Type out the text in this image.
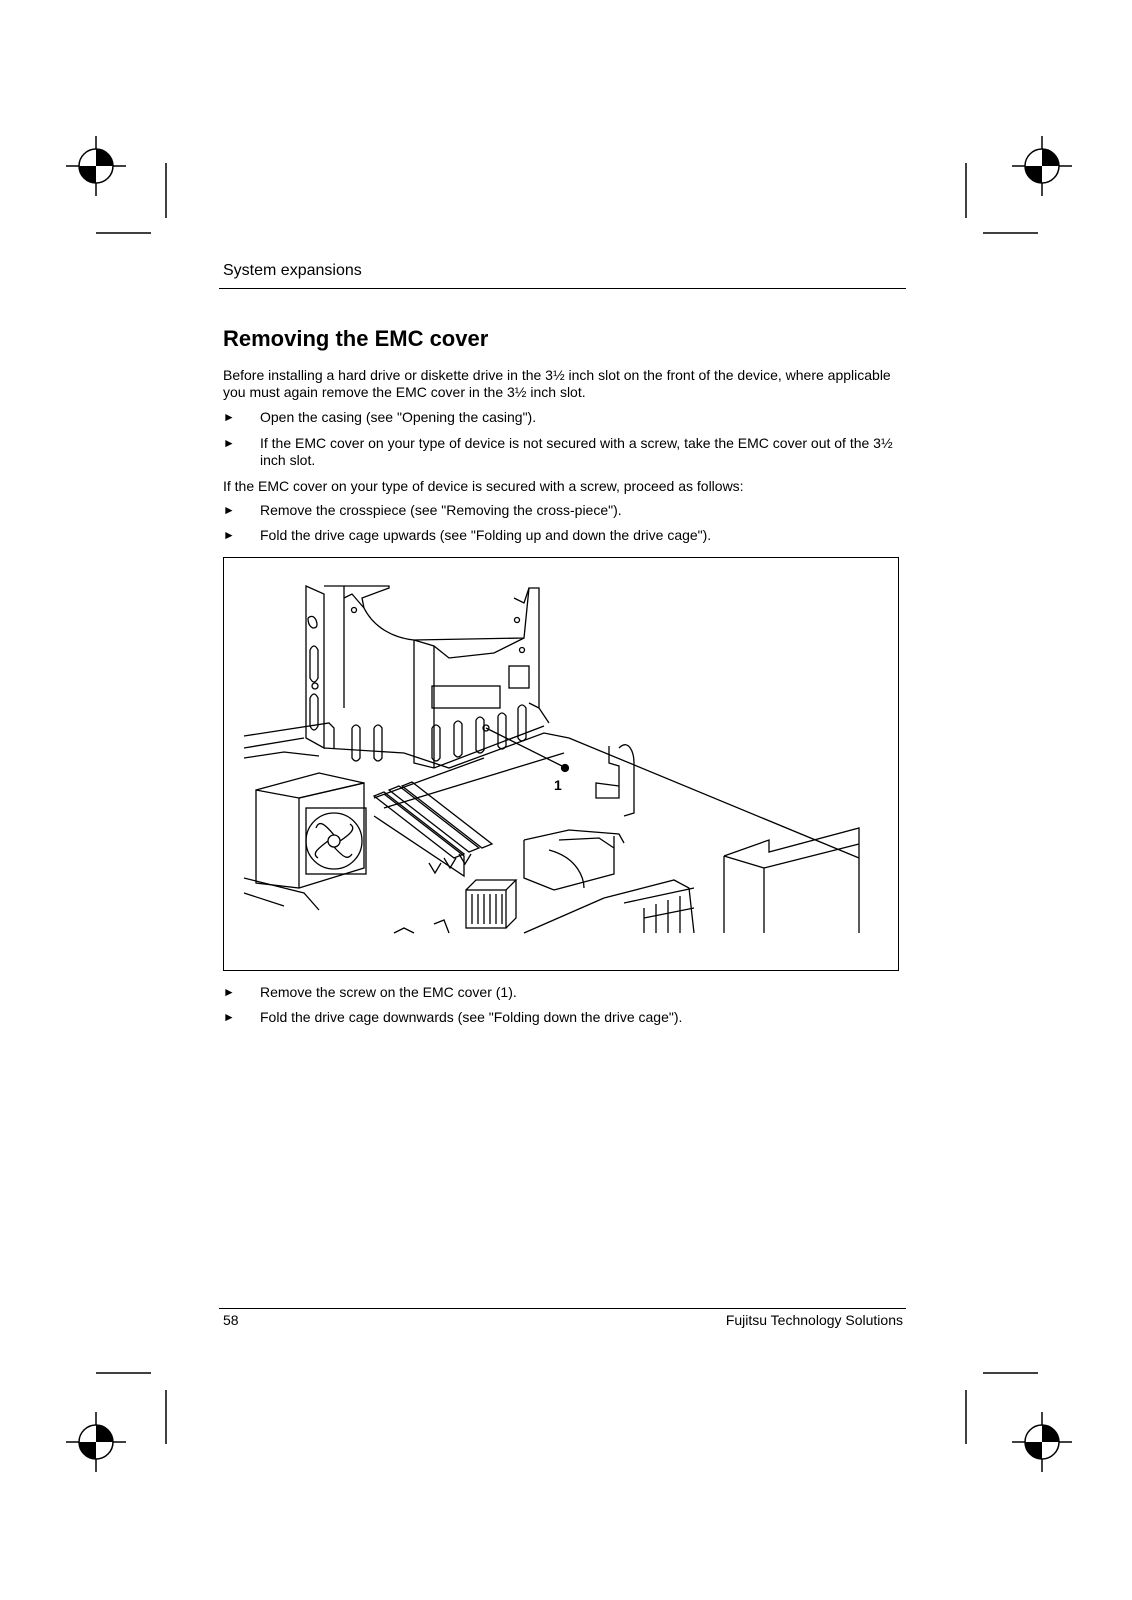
System expansions
Removing the EMC cover

Before installing a hard drive or diskette drive in the 3½ inch slot on the front of the device, where applicable you must again remove the EMC cover in the 3½ inch slot.

► Open the casing (see "Opening the casing").
► If the EMC cover on your type of device is not secured with a screw, take the EMC cover out of the 3½ inch slot.

If the EMC cover on your type of device is secured with a screw, proceed as follows:

► Remove the crosspiece (see "Removing the cross-piece").
► Fold the drive cage upwards (see "Folding up and down the drive cage").
1
► Remove the screw on the EMC cover (1).
► Fold the drive cage downwards (see "Folding down the drive cage").
58	Fujitsu Technology Solutions
